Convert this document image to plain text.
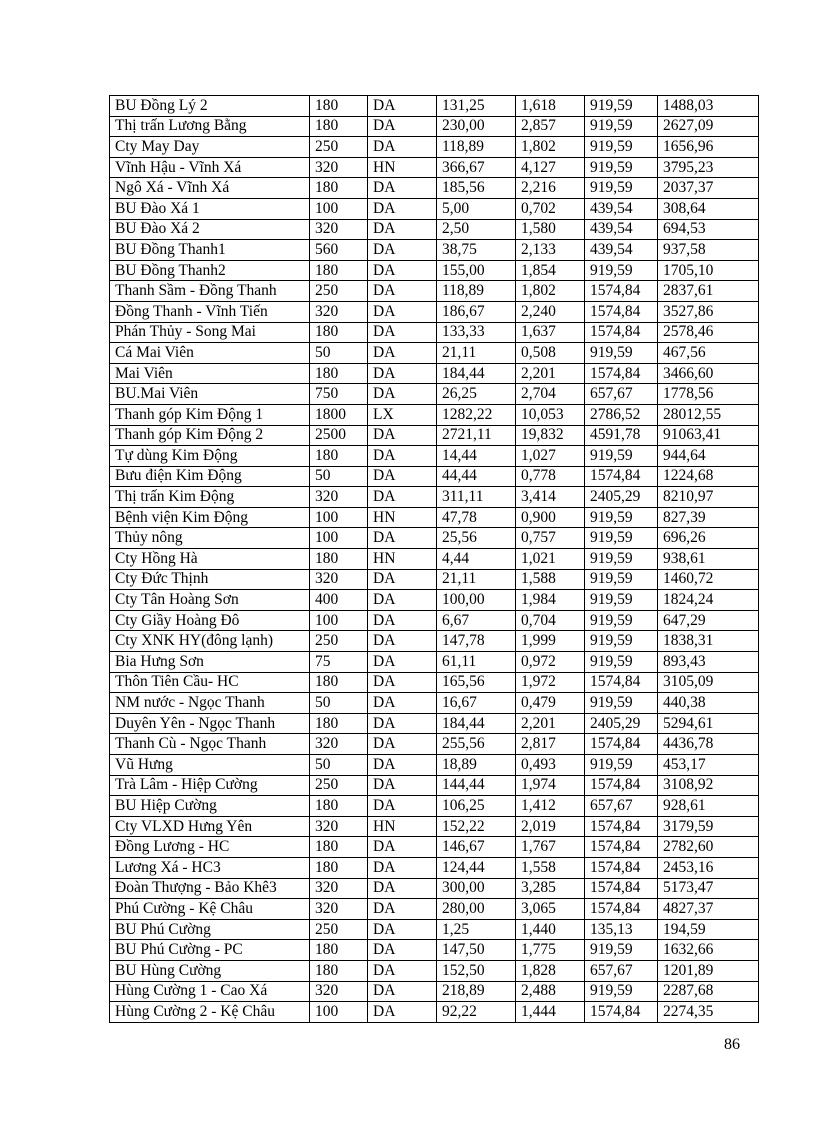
BU Đồng Lý 2	180	DA	131,25	1,618	919,59	1488,03
Thị trấn Lương Bằng	180	DA	230,00	2,857	919,59	2627,09
Cty May Day	250	DA	118,89	1,802	919,59	1656,96
Vĩnh Hậu - Vĩnh Xá	320	HN	366,67	4,127	919,59	3795,23
Ngô Xá - Vĩnh Xá	180	DA	185,56	2,216	919,59	2037,37
BU Đào Xá 1	100	DA	5,00	0,702	439,54	308,64
BU Đào Xá 2	320	DA	2,50	1,580	439,54	694,53
BU Đồng Thanh1	560	DA	38,75	2,133	439,54	937,58
BU Đồng Thanh2	180	DA	155,00	1,854	919,59	1705,10
Thanh Sầm - Đồng Thanh	250	DA	118,89	1,802	1574,84	2837,61
Đồng Thanh - Vĩnh Tiến	320	DA	186,67	2,240	1574,84	3527,86
Phán Thủy - Song Mai	180	DA	133,33	1,637	1574,84	2578,46
Cá Mai Viên	50	DA	21,11	0,508	919,59	467,56
Mai Viên	180	DA	184,44	2,201	1574,84	3466,60
BU.Mai Viên	750	DA	26,25	2,704	657,67	1778,56
Thanh góp Kim Động 1	1800	LX	1282,22	10,053	2786,52	28012,55
Thanh góp Kim Động 2	2500	DA	2721,11	19,832	4591,78	91063,41
Tự dùng Kim Động	180	DA	14,44	1,027	919,59	944,64
Bưu điện Kim Động	50	DA	44,44	0,778	1574,84	1224,68
Thị trấn Kim Động	320	DA	311,11	3,414	2405,29	8210,97
Bệnh viện Kim Động	100	HN	47,78	0,900	919,59	827,39
Thủy nông	100	DA	25,56	0,757	919,59	696,26
Cty Hồng Hà	180	HN	4,44	1,021	919,59	938,61
Cty Đức Thịnh	320	DA	21,11	1,588	919,59	1460,72
Cty Tân Hoàng Sơn	400	DA	100,00	1,984	919,59	1824,24
Cty Giầy Hoàng Đô	100	DA	6,67	0,704	919,59	647,29
Cty XNK HY(đông lạnh)	250	DA	147,78	1,999	919,59	1838,31
Bia Hưng Sơn	75	DA	61,11	0,972	919,59	893,43
Thôn Tiên Cầu- HC	180	DA	165,56	1,972	1574,84	3105,09
NM nước - Ngọc Thanh	50	DA	16,67	0,479	919,59	440,38
Duyên Yên - Ngọc Thanh	180	DA	184,44	2,201	2405,29	5294,61
Thanh Cù - Ngọc Thanh	320	DA	255,56	2,817	1574,84	4436,78
Vũ Hưng	50	DA	18,89	0,493	919,59	453,17
Trà Lâm - Hiệp Cường	250	DA	144,44	1,974	1574,84	3108,92
BU Hiệp Cường	180	DA	106,25	1,412	657,67	928,61
Cty VLXD Hưng Yên	320	HN	152,22	2,019	1574,84	3179,59
Đồng Lương - HC	180	DA	146,67	1,767	1574,84	2782,60
Lương Xá - HC3	180	DA	124,44	1,558	1574,84	2453,16
Đoàn Thượng - Bảo Khê3	320	DA	300,00	3,285	1574,84	5173,47
Phú Cường - Kệ Châu	320	DA	280,00	3,065	1574,84	4827,37
BU Phú Cường	250	DA	1,25	1,440	135,13	194,59
BU Phú Cường - PC	180	DA	147,50	1,775	919,59	1632,66
BU Hùng Cường	180	DA	152,50	1,828	657,67	1201,89
Hùng Cường 1 - Cao Xá	320	DA	218,89	2,488	919,59	2287,68
Hùng Cường 2 - Kệ Châu	100	DA	92,22	1,444	1574,84	2274,35
86
